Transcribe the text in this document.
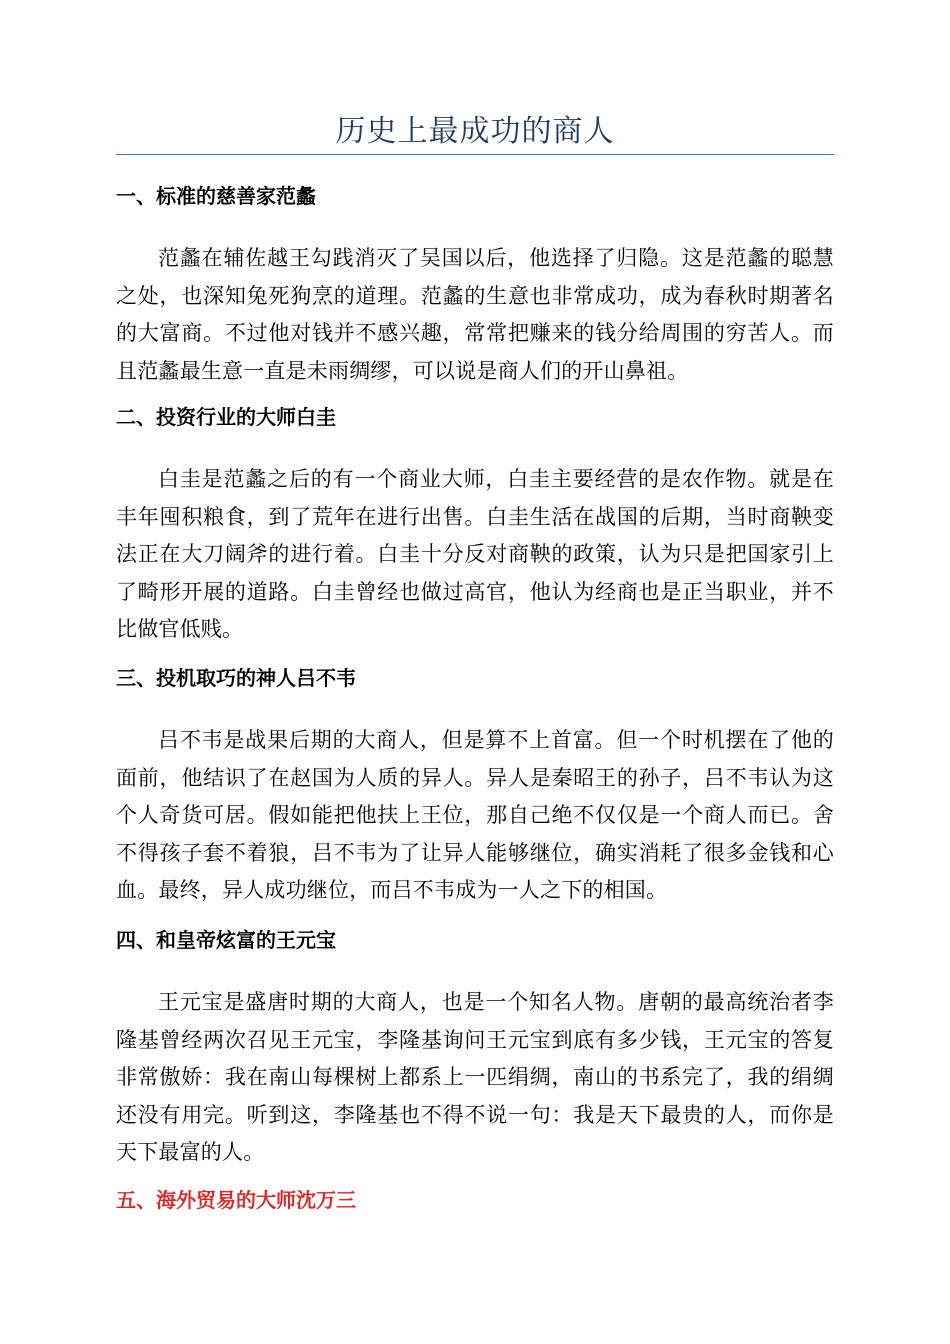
历史上最成功的商人
一、标准的慈善家范蠡

范蠡在辅佐越王勾践消灭了吴国以后，他选择了归隐。这是范蠡的聪慧之处，也深知兔死狗烹的道理。范蠡的生意也非常成功，成为春秋时期著名的大富商。不过他对钱并不感兴趣，常常把赚来的钱分给周围的穷苦人。而且范蠡最生意一直是未雨绸缪，可以说是商人们的开山鼻祖。

二、投资行业的大师白圭

白圭是范蠡之后的有一个商业大师，白圭主要经营的是农作物。就是在丰年囤积粮食，到了荒年在进行出售。白圭生活在战国的后期，当时商鞅变法正在大刀阔斧的进行着。白圭十分反对商鞅的政策，认为只是把国家引上了畸形开展的道路。白圭曾经也做过高官，他认为经商也是正当职业，并不比做官低贱。

三、投机取巧的神人吕不韦

吕不韦是战果后期的大商人，但是算不上首富。但一个时机摆在了他的面前，他结识了在赵国为人质的异人。异人是秦昭王的孙子，吕不韦认为这个人奇货可居。假如能把他扶上王位，那自己绝不仅仅是一个商人而已。舍不得孩子套不着狼，吕不韦为了让异人能够继位，确实消耗了很多金钱和心血。最终，异人成功继位，而吕不韦成为一人之下的相国。

四、和皇帝炫富的王元宝

王元宝是盛唐时期的大商人，也是一个知名人物。唐朝的最高统治者李隆基曾经两次召见王元宝，李隆基询问王元宝到底有多少钱，王元宝的答复非常傲娇：我在南山每棵树上都系上一匹绢绸，南山的书系完了，我的绢绸还没有用完。听到这，李隆基也不得不说一句：我是天下最贵的人，而你是天下最富的人。

五、海外贸易的大师沈万三
